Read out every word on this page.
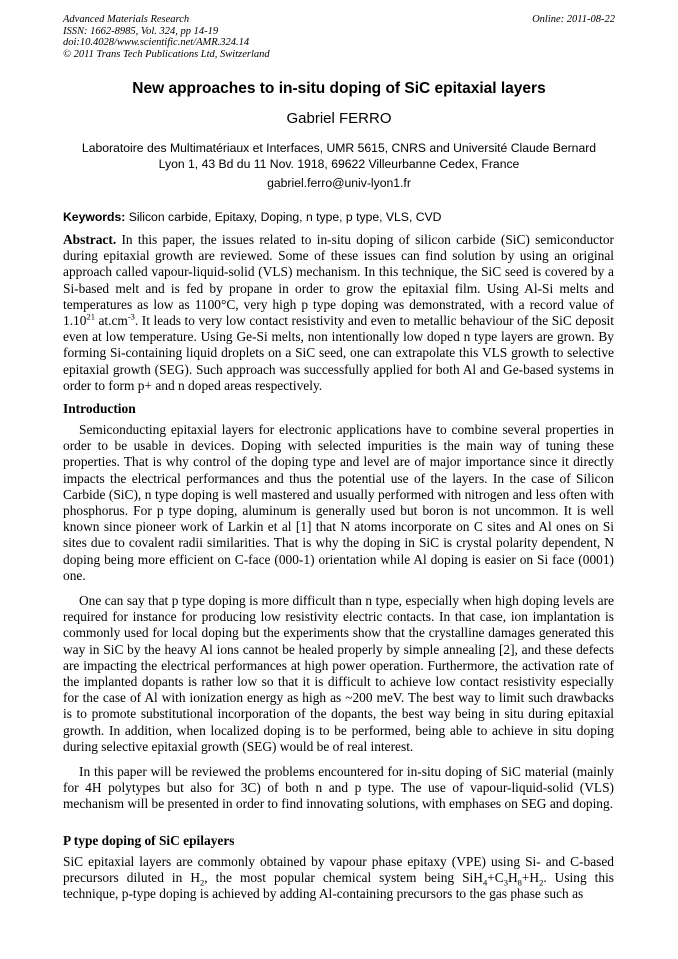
Advanced Materials Research
ISSN: 1662-8985, Vol. 324, pp 14-19
doi:10.4028/www.scientific.net/AMR.324.14
© 2011 Trans Tech Publications Ltd, Switzerland
Online: 2011-08-22
New approaches to in-situ doping of SiC epitaxial layers
Gabriel FERRO
Laboratoire des Multimatériaux et Interfaces, UMR 5615, CNRS and Université Claude Bernard
Lyon 1, 43 Bd du 11 Nov. 1918, 69622 Villeurbanne Cedex, France
gabriel.ferro@univ-lyon1.fr
Keywords: Silicon carbide, Epitaxy, Doping, n type, p type, VLS, CVD

Abstract. In this paper, the issues related to in-situ doping of silicon carbide (SiC) semiconductor during epitaxial growth are reviewed. Some of these issues can find solution by using an original approach called vapour-liquid-solid (VLS) mechanism. In this technique, the SiC seed is covered by a Si-based melt and is fed by propane in order to grow the epitaxial film. Using Al-Si melts and temperatures as low as 1100°C, very high p type doping was demonstrated, with a record value of 1.10$^{21}$ $at.cm^{-3}$. It leads to very low contact resistivity and even to metallic behaviour of the SiC deposit even at low temperature. Using Ge-Si melts, non intentionally low doped n type layers are grown. By forming Si-containing liquid droplets on a SiC seed, one can extrapolate this VLS growth to selective epitaxial growth (SEG). Such approach was successfully applied for both Al and Ge-based systems in order to form p+ and n doped areas respectively.

Introduction

Semiconducting epitaxial layers for electronic applications have to combine several properties in order to be usable in devices. Doping with selected impurities is the main way of tuning these properties. That is why control of the doping type and level are of major importance since it directly impacts the electrical performances and thus the potential use of the layers. In the case of Silicon Carbide (SiC), n type doping is well mastered and usually performed with nitrogen and less often with phosphorus. For p type doping, aluminum is generally used but boron is not uncommon. It is well known since pioneer work of Larkin et al [1] that N atoms incorporate on C sites and Al ones on Si sites due to covalent radii similarities. That is why the doping in SiC is crystal polarity dependent, N doping being more efficient on C-face (000-1) orientation while Al doping is easier on Si face (0001) one.

One can say that p type doping is more difficult than n type, especially when high doping levels are required for instance for producing low resistivity electric contacts. In that case, ion implantation is commonly used for local doping but the experiments show that the crystalline damages generated this way in SiC by the heavy Al ions cannot be healed properly by simple annealing [2], and these defects are impacting the electrical performances at high power operation. Furthermore, the activation rate of the implanted dopants is rather low so that it is difficult to achieve low contact resistivity especially for the case of Al with ionization energy as high as ~200 meV. The best way to limit such drawbacks is to promote substitutional incorporation of the dopants, the best way being in situ during epitaxial growth. In addition, when localized doping is to be performed, being able to achieve in situ doping during selective epitaxial growth (SEG) would be of real interest.

In this paper will be reviewed the problems encountered for in-situ doping of SiC material (mainly for 4H polytypes but also for 3C) of both n and p type. The use of vapour-liquid-solid (VLS) mechanism will be presented in order to find innovating solutions, with emphases on SEG and doping.

P type doping of SiC epilayers

SiC epitaxial layers are commonly obtained by vapour phase epitaxy (VPE) using Si- and C-based precursors diluted in $H_2$, the most popular chemical system being $SiH_4+C_3H_8+H_2$. Using this technique, p-type doping is achieved by adding Al-containing precursors to the gas phase such as
